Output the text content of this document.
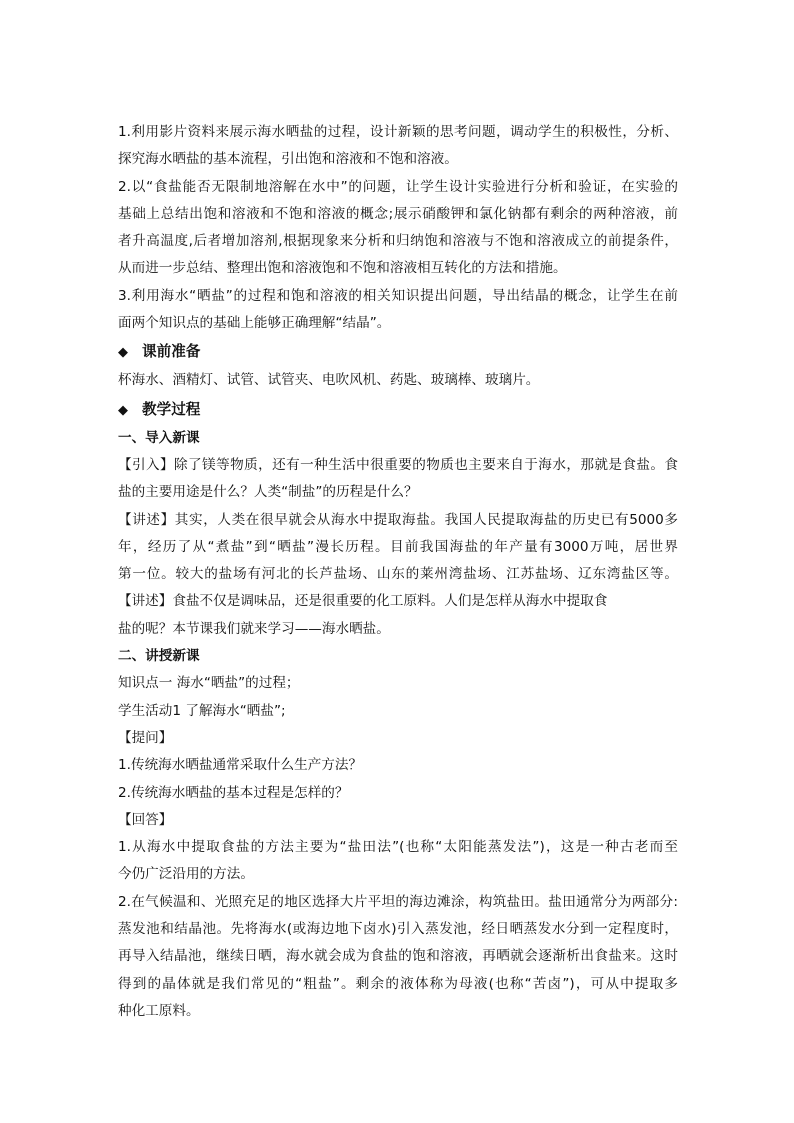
1.利用影片资料来展示海水晒盐的过程，设计新颖的思考问题，调动学生的积极性，分析、
探究海水晒盐的基本流程，引出饱和溶液和不饱和溶液。
2.以“食盐能否无限制地溶解在水中”的问题，让学生设计实验进行分析和验证，在实验的
基础上总结出饱和溶液和不饱和溶液的概念;展示硝酸钾和氯化钠都有剩余的两种溶液，前
者升高温度,后者增加溶剂,根据现象来分析和归纳饱和溶液与不饱和溶液成立的前提条件，
从而进一步总结、整理出饱和溶液饱和不饱和溶液相互转化的方法和措施。
3.利用海水“晒盐”的过程和饱和溶液的相关知识提出问题，导出结晶的概念，让学生在前
面两个知识点的基础上能够正确理解“结晶”。
◆ 课前准备
杯海水、酒精灯、试管、试管夹、电吹风机、药匙、玻璃棒、玻璃片。
◆ 教学过程
一、导入新课
【引入】除了镁等物质，还有一种生活中很重要的物质也主要来自于海水，那就是食盐。食
盐的主要用途是什么？人类“制盐”的历程是什么？
【讲述】其实，人类在很早就会从海水中提取海盐。我国人民提取海盐的历史已有5000多
年，经历了从“煮盐”到“晒盐”漫长历程。目前我国海盐的年产量有3000万吨，居世界
第一位。较大的盐场有河北的长芦盐场、山东的莱州湾盐场、江苏盐场、辽东湾盐区等。
【讲述】食盐不仅是调味品，还是很重要的化工原料。人们是怎样从海水中提取食
盐的呢？本节课我们就来学习——海水晒盐。
二、讲授新课
知识点一 海水“晒盐”的过程；
学生活动1 了解海水“晒盐”;
【提问】
1.传统海水晒盐通常采取什么生产方法？
2.传统海水晒盐的基本过程是怎样的？
【回答】
1.从海水中提取食盐的方法主要为“盐田法”(也称“太阳能蒸发法”)，这是一种古老而至
今仍广泛沿用的方法。
2.在气候温和、光照充足的地区选择大片平坦的海边滩涂，构筑盐田。盐田通常分为两部分:
蒸发池和结晶池。先将海水(或海边地下卤水)引入蒸发池，经日晒蒸发水分到一定程度时，
再导入结晶池，继续日晒，海水就会成为食盐的饱和溶液，再晒就会逐渐析出食盐来。这时
得到的晶体就是我们常见的“粗盐”。剩余的液体称为母液(也称“苦卤”)，可从中提取多
种化工原料。
